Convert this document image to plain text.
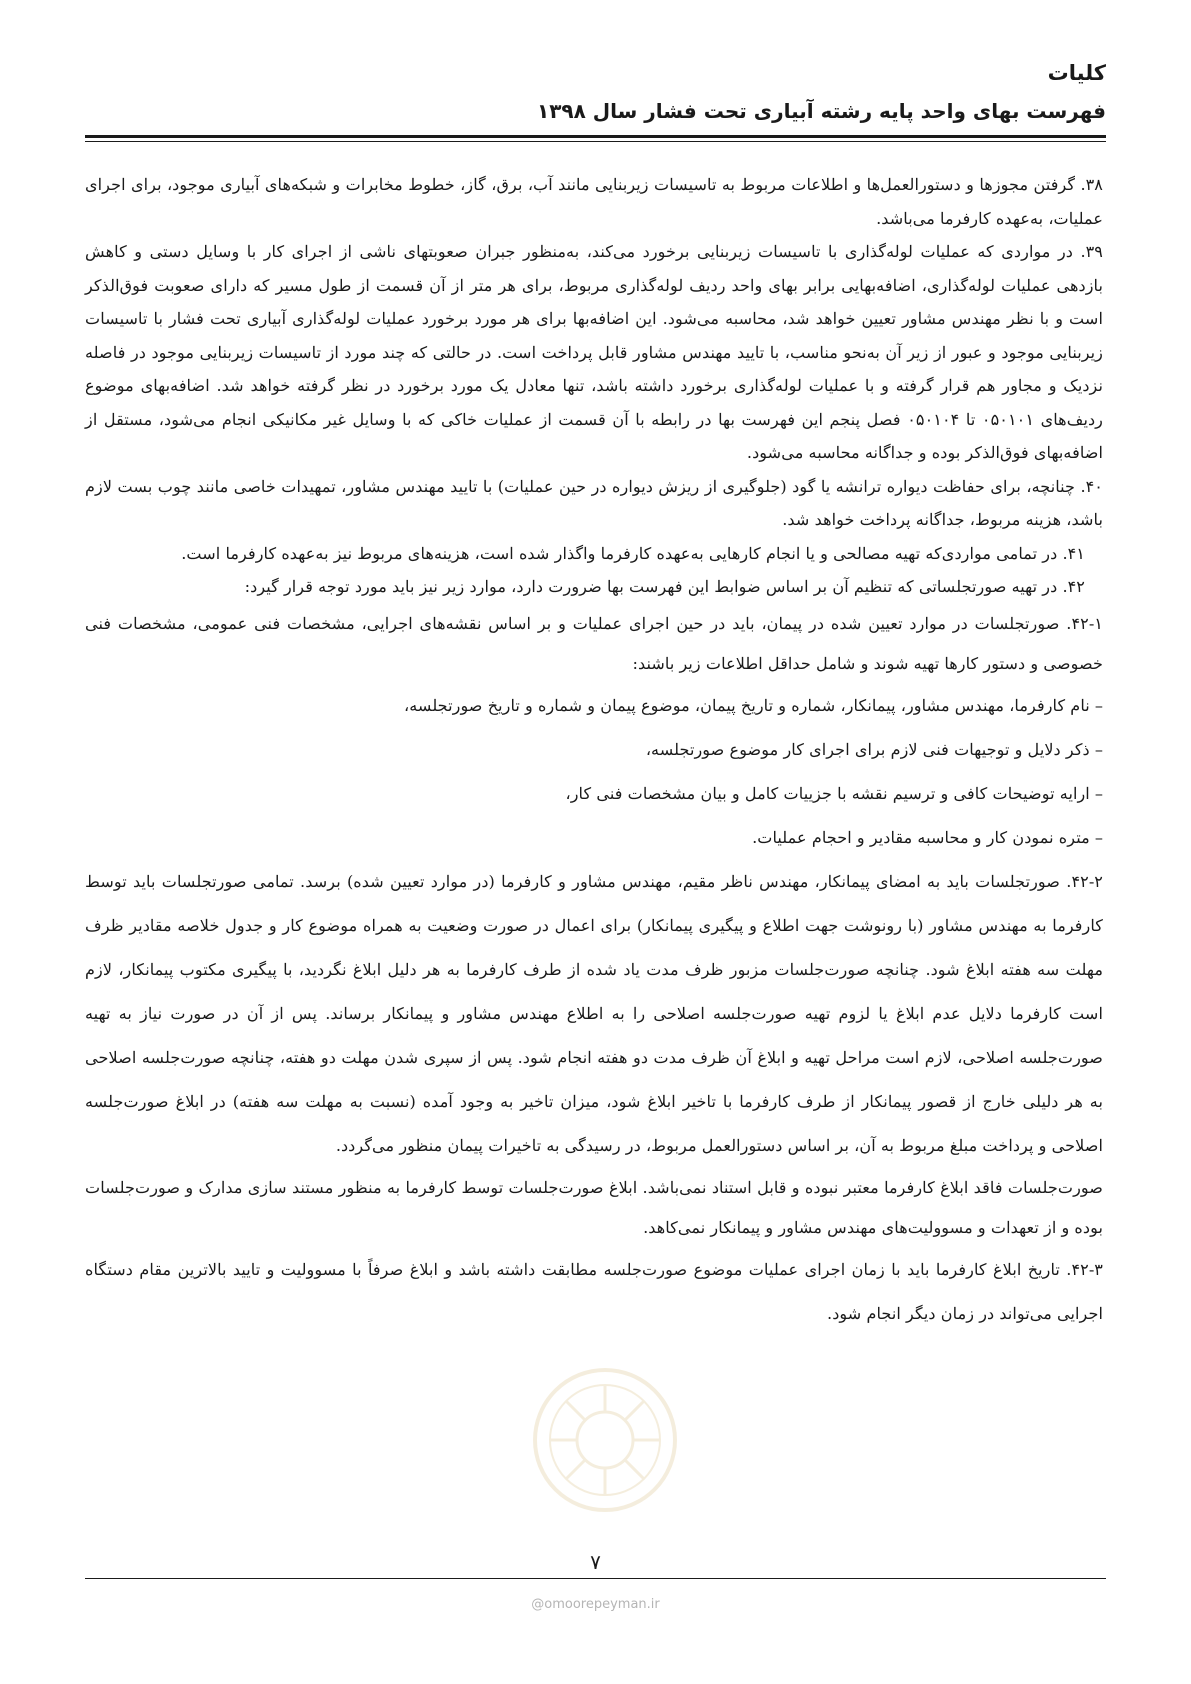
کلیات

فهرست بهای واحد پایه رشته آبیاری تحت فشار سال ۱۳۹۸

۳۸. گرفتن مجوزها و دستورالعمل‌ها و اطلاعات مربوط به تاسیسات زیربنایی مانند آب، برق، گاز، خطوط مخابرات و شبکه‌های آبیاری موجود، برای اجرای عملیات، به‌عهده کارفرما می‌باشد.

۳۹. در مواردی که عملیات لوله‌گذاری با تاسیسات زیربنایی برخورد می‌کند، به‌منظور جبران صعوبتهای ناشی از اجرای کار با وسایل دستی و کاهش بازدهی عملیات لوله‌گذاری، اضافه‌بهایی برابر بهای واحد ردیف لوله‌گذاری مربوط، برای هر متر از آن قسمت از طول مسیر که دارای صعوبت فوق‌الذکر است و با نظر مهندس مشاور تعیین خواهد شد، محاسبه می‌شود. این اضافه‌بها برای هر مورد برخورد عملیات لوله‌گذاری آبیاری تحت فشار با تاسیسات زیربنایی موجود و عبور از زیر آن به‌نحو مناسب، با تایید مهندس مشاور قابل پرداخت است. در حالتی که چند مورد از تاسیسات زیربنایی موجود در فاصله نزدیک و مجاور هم قرار گرفته و با عملیات لوله‌گذاری برخورد داشته باشد، تنها معادل یک مورد برخورد در نظر گرفته خواهد شد. اضافه‌بهای موضوع ردیف‌های ۰۵۰۱۰۱ تا ۰۵۰۱۰۴ فصل پنجم این فهرست بها در رابطه با آن قسمت از عملیات خاکی که با وسایل غیر مکانیکی انجام می‌شود، مستقل از اضافه‌بهای فوق‌الذکر بوده و جداگانه محاسبه می‌شود.

۴۰. چنانچه، برای حفاظت دیواره ترانشه یا گود (جلوگیری از ریزش دیواره در حین عملیات) با تایید مهندس مشاور، تمهیدات خاصی مانند چوب بست لازم باشد، هزینه مربوط، جداگانه پرداخت خواهد شد.

۴۱. در تمامی مواردی‌که تهیه مصالحی و یا انجام کارهایی به‌عهده کارفرما واگذار شده است، هزینه‌های مربوط نیز به‌عهده کارفرما است.

۴۲. در تهیه صورتجلساتی که تنظیم آن بر اساس ضوابط این فهرست بها ضرورت دارد، موارد زیر نیز باید مورد توجه قرار گیرد:

۴۲-۱. صورتجلسات در موارد تعیین شده در پیمان، باید در حین اجرای عملیات و بر اساس نقشه‌های اجرایی، مشخصات فنی عمومی، مشخصات فنی خصوصی و دستور کارها تهیه شوند و شامل حداقل اطلاعات زیر باشند:

– نام کارفرما، مهندس مشاور، پیمانکار، شماره و تاریخ پیمان، موضوع پیمان و شماره و تاریخ صورتجلسه،

– ذکر دلایل و توجیهات فنی لازم برای اجرای کار موضوع صورتجلسه،

– ارایه توضیحات کافی و ترسیم نقشه با جزییات کامل و بیان مشخصات فنی کار،

– متره نمودن کار و محاسبه مقادیر و احجام عملیات.

۴۲-۲. صورتجلسات باید به امضای پیمانکار، مهندس ناظر مقیم، مهندس مشاور و کارفرما (در موارد تعیین شده) برسد. تمامی صورتجلسات باید توسط کارفرما به مهندس مشاور (با رونوشت جهت اطلاع و پیگیری پیمانکار) برای اعمال در صورت وضعیت به همراه موضوع کار و جدول خلاصه مقادیر ظرف مهلت سه هفته ابلاغ شود. چنانچه صورت‌جلسات مزبور ظرف مدت یاد شده از طرف کارفرما به هر دلیل ابلاغ نگردید، با پیگیری مکتوب پیمانکار، لازم است کارفرما دلایل عدم ابلاغ یا لزوم تهیه صورت‌جلسه اصلاحی را به اطلاع مهندس مشاور و پیمانکار برساند. پس از آن در صورت نیاز به تهیه صورت‌جلسه اصلاحی، لازم است مراحل تهیه و ابلاغ آن ظرف مدت دو هفته انجام شود. پس از سپری شدن مهلت دو هفته، چنانچه صورت‌جلسه اصلاحی به هر دلیلی خارج از قصور پیمانکار از طرف کارفرما با تاخیر ابلاغ شود، میزان تاخیر به وجود آمده (نسبت به مهلت سه هفته) در ابلاغ صورت‌جلسه اصلاحی و پرداخت مبلغ مربوط به آن، بر اساس دستورالعمل مربوط، در رسیدگی به تاخیرات پیمان منظور می‌گردد.

صورت‌جلسات فاقد ابلاغ کارفرما معتبر نبوده و قابل استناد نمی‌باشد. ابلاغ صورت‌جلسات توسط کارفرما به منظور مستند سازی مدارک و صورت‌جلسات بوده و از تعهدات و مسوولیت‌های مهندس مشاور و پیمانکار نمی‌کاهد.

۴۲-۳. تاریخ ابلاغ کارفرما باید با زمان اجرای عملیات موضوع صورت‌جلسه مطابقت داشته باشد و ابلاغ صرفاً با مسوولیت و تایید بالاترین مقام دستگاه اجرایی می‌تواند در زمان دیگر انجام شود.

۷
@omoorepeyman.ir
